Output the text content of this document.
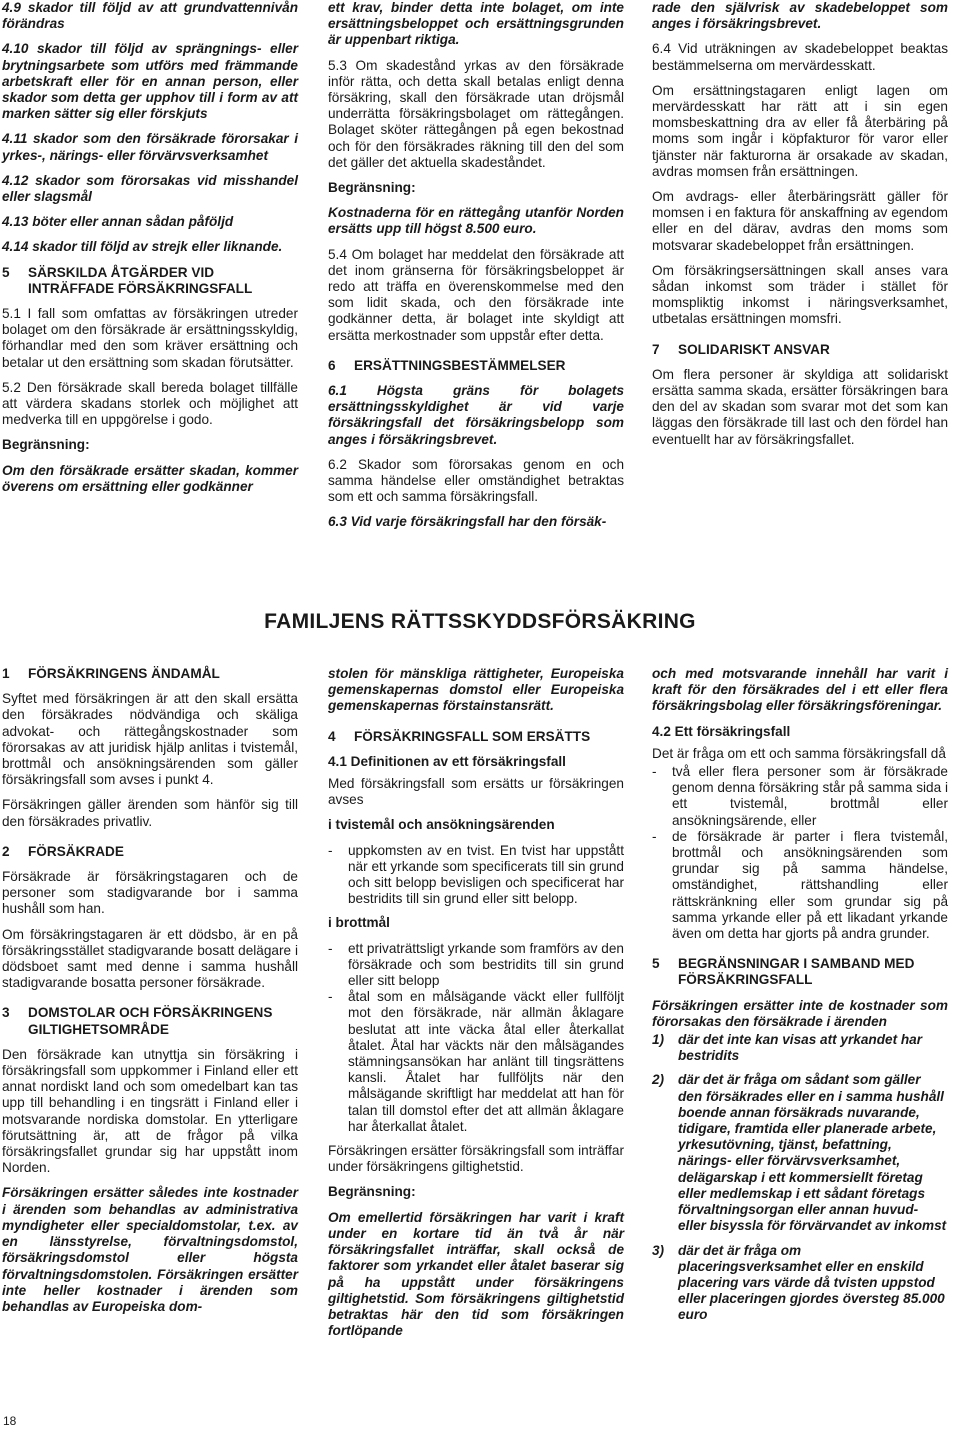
4.9 skador till följd av att grundvattennivån förändras

4.10 skador till följd av sprängnings- eller brytningsarbete som utförs med främmande arbetskraft eller för en annan person, eller skador som detta ger upphov till i form av att marken sätter sig eller förskjuts

4.11 skador som den försäkrade förorsakar i yrkes-, närings- eller förvärvsverksamhet

4.12 skador som förorsakas vid misshandel eller slagsmål

4.13 böter eller annan sådan påföljd

4.14 skador till följd av strejk eller liknande.

5	SÄRSKILDA ÅTGÄRDER VID INTRÄFFADE FÖRSÄKRINGSFALL

5.1 I fall som omfattas av försäkringen utreder bolaget om den försäkrade är ersättningsskyldig, förhandlar med den som kräver ersättning och betalar ut den ersättning som skadan förutsätter.

5.2 Den försäkrade skall bereda bolaget tillfälle att värdera skadans storlek och möjlighet att medverka till en uppgörelse i godo.

Begränsning:

Om den försäkrade ersätter skadan, kommer överens om ersättning eller godkänner

ett krav, binder detta inte bolaget, om inte ersättningsbeloppet och ersättningsgrunden är uppenbart riktiga.

5.3 Om skadestånd yrkas av den försäkrade inför rätta, och detta skall betalas enligt denna försäkring, skall den försäkrade utan dröjsmål underrätta försäkringsbolaget om rättegången. Bolaget sköter rättegången på egen bekostnad och för den försäkrades räkning till den del som det gäller det aktuella skadeståndet.

Begränsning:

Kostnaderna för en rättegång utanför Norden ersätts upp till högst 8.500 euro.

5.4 Om bolaget har meddelat den försäkrade att det inom gränserna för försäkringsbeloppet är redo att träffa en överenskommelse med den som lidit skada, och den försäkrade inte godkänner detta, är bolaget inte skyldigt att ersätta merkostnader som uppstår efter detta.

6	ERSÄTTNINGSBESTÄMMELSER

6.1 Högsta gräns för bolagets ersättningsskyldighet är vid varje försäkringsfall det försäkringsbelopp som anges i försäkringsbrevet.

6.2 Skador som förorsakas genom en och samma händelse eller omständighet betraktas som ett och samma försäkringsfall.

6.3 Vid varje försäkringsfall har den försäk-

rade den självrisk av skadebeloppet som anges i försäkringsbrevet.

6.4 Vid uträkningen av skadebeloppet beaktas bestämmelserna om mervärdesskatt.

Om ersättningstagaren enligt lagen om mervärdesskatt har rätt att i sin egen momsbeskattning dra av eller få återbäring på moms som ingår i köpfakturor för varor eller tjänster när fakturorna är orsakade av skadan, avdras momsen från ersättningen.

Om avdrags- eller återbäringsrätt gäller för momsen i en faktura för anskaffning av egendom eller en del därav, avdras den moms som motsvarar skadebeloppet från ersättningen.

Om försäkringsersättningen skall anses vara sådan inkomst som träder i stället för momspliktig inkomst i näringsverksamhet, utbetalas ersättningen momsfri.

7	SOLIDARISKT ANSVAR

Om flera personer är skyldiga att solidariskt ersätta samma skada, ersätter försäkringen bara den del av skadan som svarar mot det som kan läggas den försäkrade till last och den fördel han eventuellt har av försäkringsfallet.

FAMILJENS RÄTTSSKYDDSFÖRSÄKRING
1	FÖRSÄKRINGENS ÄNDAMÅL

Syftet med försäkringen är att den skall ersätta den försäkrades nödvändiga och skäliga advokat- och rättegångskostnader som förorsakas av att juridisk hjälp anlitas i tvistemål, brottmål och ansökningsärenden som gäller försäkringsfall som avses i punkt 4.

Försäkringen gäller ärenden som hänför sig till den försäkrades privatliv.

2	FÖRSÄKRADE

Försäkrade är försäkringstagaren och de personer som stadigvarande bor i samma hushåll som han.

Om försäkringstagaren är ett dödsbo, är en på försäkringsstället stadigvarande bosatt delägare i dödsboet samt med denne i samma hushåll stadigvarande bosatta personer försäkrade.

3	DOMSTOLAR OCH FÖRSÄKRINGENS GILTIGHETSOMRÅDE

Den försäkrade kan utnyttja sin försäkring i försäkringsfall som uppkommer i Finland eller ett annat nordiskt land och som omedelbart kan tas upp till behandling i en tingsrätt i Finland eller i motsvarande nordiska domstolar. En ytterligare förutsättning är, att de frågor på vilka försäkringsfallet grundar sig har uppstått inom Norden.

Försäkringen ersätter således inte kostnader i ärenden som behandlas av administrativa myndigheter eller specialdomstolar, t.ex. av en länsstyrelse, förvaltningsdomstol, försäkringsdomstol eller högsta förvaltningsdomstolen. Försäkringen ersätter inte heller kostnader i ärenden som behandlas av Europeiska dom-

stolen för mänskliga rättigheter, Europeiska gemenskapernas domstol eller Europeiska gemenskapernas förstainstansrätt.

4	FÖRSÄKRINGSFALL SOM ERSÄTTS

4.1 Definitionen av ett försäkringsfall

Med försäkringsfall som ersätts ur försäkringen avses

i tvistemål och ansökningsärenden

-	uppkomsten av en tvist. En tvist har uppstått när ett yrkande som specificerats till sin grund och sitt belopp bevisligen och specificerat har bestridits till sin grund eller sitt belopp.

i brottmål

-	ett privaträttsligt yrkande som framförs av den försäkrade och som bestridits till sin grund eller sitt belopp
-	åtal som en målsägande väckt eller fullföljt mot den försäkrade, när allmän åklagare beslutat att inte väcka åtal eller återkallat åtalet. Åtal har väckts när den målsägandes stämningsansökan har anlänt till tingsrättens kansli. Åtalet har fullföljts när den målsägande skriftligt har meddelat att han för talan till domstol efter det att allmän åklagare har återkallat åtalet.

Försäkringen ersätter försäkringsfall som inträffar under försäkringens giltighetstid.

Begränsning:

Om emellertid försäkringen har varit i kraft under en kortare tid än två år när försäkringsfallet inträffar, skall också de faktorer som yrkandet eller åtalet baserar sig på ha uppstått under försäkringens giltighetstid. Som försäkringens giltighetstid betraktas här den tid som försäkringen fortlöpande

och med motsvarande innehåll har varit i kraft för den försäkrades del i ett eller flera försäkringsbolag eller försäkringsföreningar.

4.2 Ett försäkringsfall

Det är fråga om ett och samma försäkringsfall då

-	två eller flera personer som är försäkrade genom denna försäkring står på samma sida i ett tvistemål, brottmål eller ansökningsärende, eller
-	de försäkrade är parter i flera tvistemål, brottmål och ansökningsärenden som grundar sig på samma händelse, omständighet, rättshandling eller rättskränkning eller som grundar sig på samma yrkande eller på ett likadant yrkande även om detta har gjorts på andra grunder.
5	BEGRÄNSNINGAR I SAMBAND MED FÖRSÄKRINGSFALL

Försäkringen ersätter inte de kostnader som förorsakas den försäkrade i ärenden

1)	där det inte kan visas att yrkandet har bestridits
2)	där det är fråga om sådant som gäller den försäkrades eller en i samma hushåll boende annan försäkrads nuvarande, tidigare, framtida eller planerade arbete, yrkesutövning, tjänst, befattning, närings- eller förvärvsverksamhet, delägarskap i ett kommersiellt företag eller medlemskap i ett sådant företags förvaltningsorgan eller annan huvud- eller bisyssla för förvärvandet av inkomst
3)	där det är fråga om placeringsverksamhet eller en enskild placering vars värde då tvisten uppstod eller placeringen gjordes översteg 85.000 euro
18
